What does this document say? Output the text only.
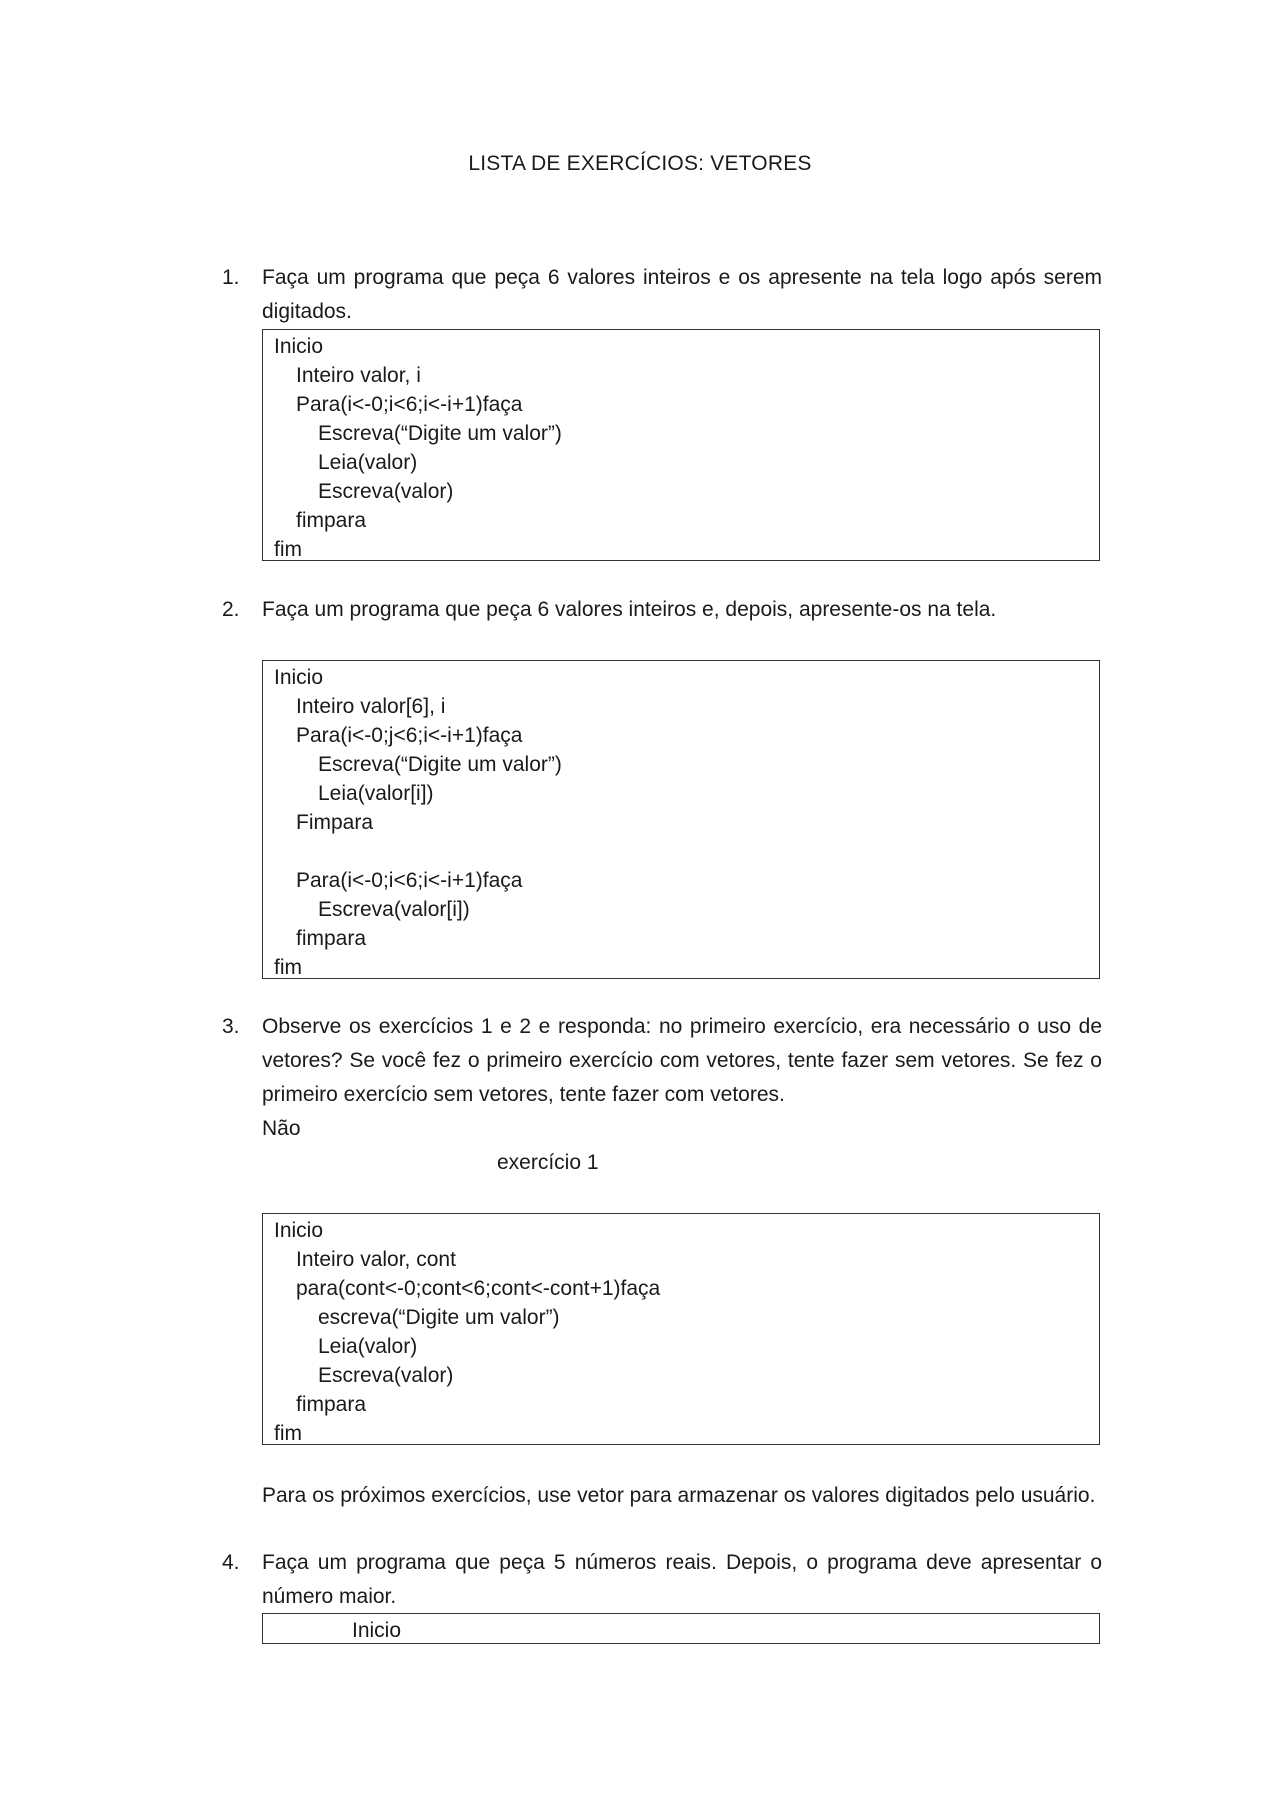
LISTA DE EXERCÍCIOS: VETORES
1.	Faça um programa que peça 6 valores inteiros e os apresente na tela logo após serem digitados.
Inicio
Inteiro valor, i
Para(i<-0;i<6;i<-i+1)faça
Escreva(“Digite um valor”)
Leia(valor)
Escreva(valor)
fimpara
fim
2.	Faça um programa que peça 6 valores inteiros e, depois, apresente-os na tela.
Inicio
Inteiro valor[6], i
Para(i<-0;j<6;i<-i+1)faça
Escreva(“Digite um valor”)
Leia(valor[i])
Fimpara
Para(i<-0;i<6;i<-i+1)faça
Escreva(valor[i])
fimpara
fim
3.	Observe os exercícios 1 e 2 e responda: no primeiro exercício, era necessário o uso de vetores? Se você fez o primeiro exercício com vetores, tente fazer sem vetores. Se fez o primeiro exercício sem vetores, tente fazer com vetores.
Não
exercício 1
Inicio
Inteiro valor, cont
para(cont<-0;cont<6;cont<-cont+1)faça
escreva(“Digite um valor”)
Leia(valor)
Escreva(valor)
fimpara
fim
Para os próximos exercícios, use vetor para armazenar os valores digitados pelo usuário.
4.	Faça um programa que peça 5 números reais. Depois, o programa deve apresentar o número maior.
Inicio
